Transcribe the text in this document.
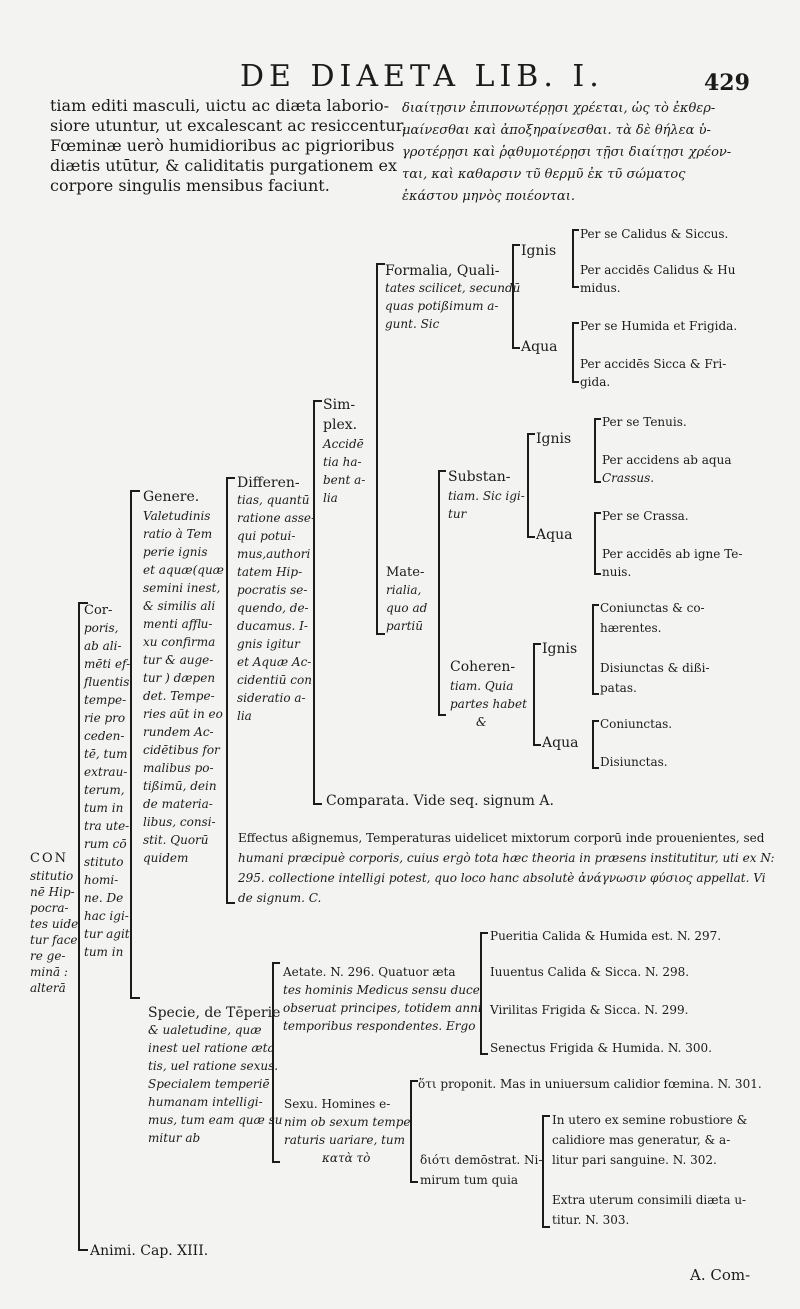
DE DIAETA LIB. I.	429
tiam editi masculi, uictu ac diæta laborio-
siore utuntur, ut excalescant ac resiccentur.
Fœminæ uerò humidioribus ac pigrioribus
diætis utūtur, & caliditatis purgationem ex
corpore singulis mensibus faciunt.
διαίτῃσιν ἐπιπονωτέρῃσι χρέεται, ὡς τὸ ἐκθερ-
μαίνεσθαι καὶ ἀποξηραίνεσθαι. τὰ δὲ θήλεα ὑ-
γροτέρῃσι καὶ ῥᾳθυμοτέρῃσι τῇσι διαίτῃσι χρέον-
ται, καὶ καθαρσιν τῦ θερμῦ ἐκ τῦ σώματος
ἑκάστου μηνὸς ποιέονται.
CON
stitutio
nē Hip-
pocra-
tes uide
tur face
re ge-
minā :
alterā
Cor-
poris,
ab ali-
mēti ef-
fluentis
tempe-
rie pro
ceden-
tē, tum
extrau-
terum,
tum in
tra ute-
rum cō
stituto
homi-
ne. De
hac igi-
tur agit
tum in
Animi. Cap. XIII.
Genere.
Valetudinis
ratio à Tem
perie ignis
et aquæ(quæ
semini inest,
& similis ali
menti afflu-
xu confirma
tur & auge-
tur ) dæpen
det. Tempe-
ries aūt in eo
rundem Ac-
cidētibus for
malibus po-
tißimū, dein
de materia-
libus, consi-
stit. Quorū
quidem
Differen-
tias, quantū
ratione asse-
qui potui-
mus,authori
tatem Hip-
pocratis se-
quendo, de-
ducamus. I-
gnis igitur
et Aquæ Ac-
cidentiū con
sideratio a-
lia
Sim-
plex.
Accidē
tia ha-
bent a-
lia
Formalia, Quali-
tates scilicet, secundū
quas potißimum a-
gunt. Sic
Ignis
Aqua
Per se Calidus & Siccus.
Per accidēs Calidus & Hu
midus.
Per se Humida et Frigida.
Per accidēs Sicca & Fri-
gida.
Mate-
rialia,
quo ad
partiū
Substan-
tiam. Sic igi-
tur
Ignis
Aqua
Per se Tenuis.
Per accidens ab aqua
Crassus.
Per se Crassa.
Per accidēs ab igne Te-
nuis.
Coheren-
tiam. Quia
partes habet
&
Ignis
Aqua
Coniunctas & co-
hærentes.
Disiunctas & dißi-
patas.
Coniunctas.
Disiunctas.
Comparata. Vide seq. signum A.
Effectus aßignemus, Temperaturas uidelicet mixtorum corporū inde prouenientes, sed
humani præcipuè corporis, cuius ergò tota hæc theoria in præsens institutitur, uti ex N:
295. collectione intelligi potest, quo loco hanc absolutè ἀνάγνωσιν φύσιος appellat. Vi
de signum. C.
Specie, de Tēperie
& ualetudine, quæ
inest uel ratione æta
tis, uel ratione sexus.
Specialem temperiē
humanam intelligi-
mus, tum eam quæ su
mitur ab
Aetate. N. 296. Quatuor æta
tes hominis Medicus sensu duce
obseruat principes, totidem anni
temporibus respondentes. Ergo
Pueritia Calida & Humida est. N. 297.
Iuuentus Calida & Sicca. N. 298.
Virilitas Frigida & Sicca. N. 299.
Senectus Frigida & Humida. N. 300.
Sexu. Homines e-
nim ob sexum tempe
raturis uariare, tum
κατὰ τὸ
ὅτι proponit. Mas in uniuersum calidior fœmina. N. 301.
διότι demōstrat. Ni-
mirum tum quia
In utero ex semine robustiore &
calidiore mas generatur, & a-
litur pari sanguine. N. 302.
Extra uterum consimili diæta u-
titur. N. 303.
A. Com-
